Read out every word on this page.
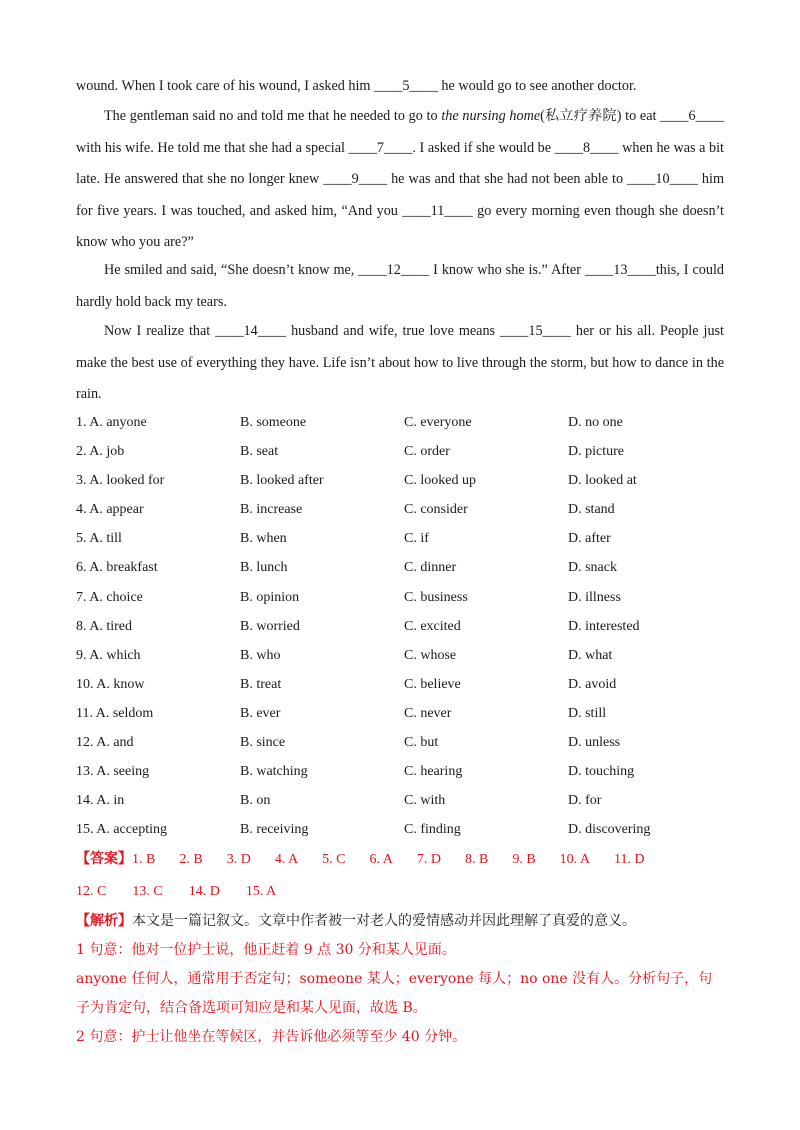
wound. When I took care of his wound, I asked him ____5____ he would go to see another doctor.
The gentleman said no and told me that he needed to go to the nursing home(私立疗养院) to eat ____6____ with his wife. He told me that she had a special ____7____. I asked if she would be ____8____ when he was a bit late. He answered that she no longer knew ____9____ he was and that she had not been able to ____10____ him for five years. I was touched, and asked him, “And you ____11____ go every morning even though she doesn’t know who you are?”
He smiled and said, “She doesn’t know me, ____12____ I know who she is.” After ____13____this, I could hardly hold back my tears.
Now I realize that ____14____ husband and wife, true love means ____15____ her or his all. People just make the best use of everything they have. Life isn’t about how to live through the storm, but how to dance in the rain.
1. A. anyone	B. someone	C. everyone	D. no one
2. A. job	B. seat	C. order	D. picture
3. A. looked for	B. looked after	C. looked up	D. looked at
4. A. appear	B. increase	C. consider	D. stand
5. A. till	B. when	C. if	D. after
6. A. breakfast	B. lunch	C. dinner	D. snack
7. A. choice	B. opinion	C. business	D. illness
8. A. tired	B. worried	C. excited	D. interested
9. A. which	B. who	C. whose	D. what
10. A. know	B. treat	C. believe	D. avoid
11. A. seldom	B. ever	C. never	D. still
12. A. and	B. since	C. but	D. unless
13. A. seeing	B. watching	C. hearing	D. touching
14. A. in	B. on	C. with	D. for
15. A. accepting	B. receiving	C. finding	D. discovering
【答案】1. B 2. B 3. D 4. A 5. C 6. A 7. D 8. B 9. B 10. A 11. D
12. C 13. C 14. D 15. A
【解析】本文是一篇记叙文。文章中作者被一对老人的爱情感动并因此理解了真爱的意义。
1 句意：他对一位护士说，他正赶着 9 点 30 分和某人见面。
anyone 任何人，通常用于否定句；someone 某人；everyone 每人；no one 没有人。分析句子，句子为肯定句，结合备选项可知应是和某人见面，故选 B。
2 句意：护士让他坐在等候区，并告诉他必须等至少 40 分钟。
